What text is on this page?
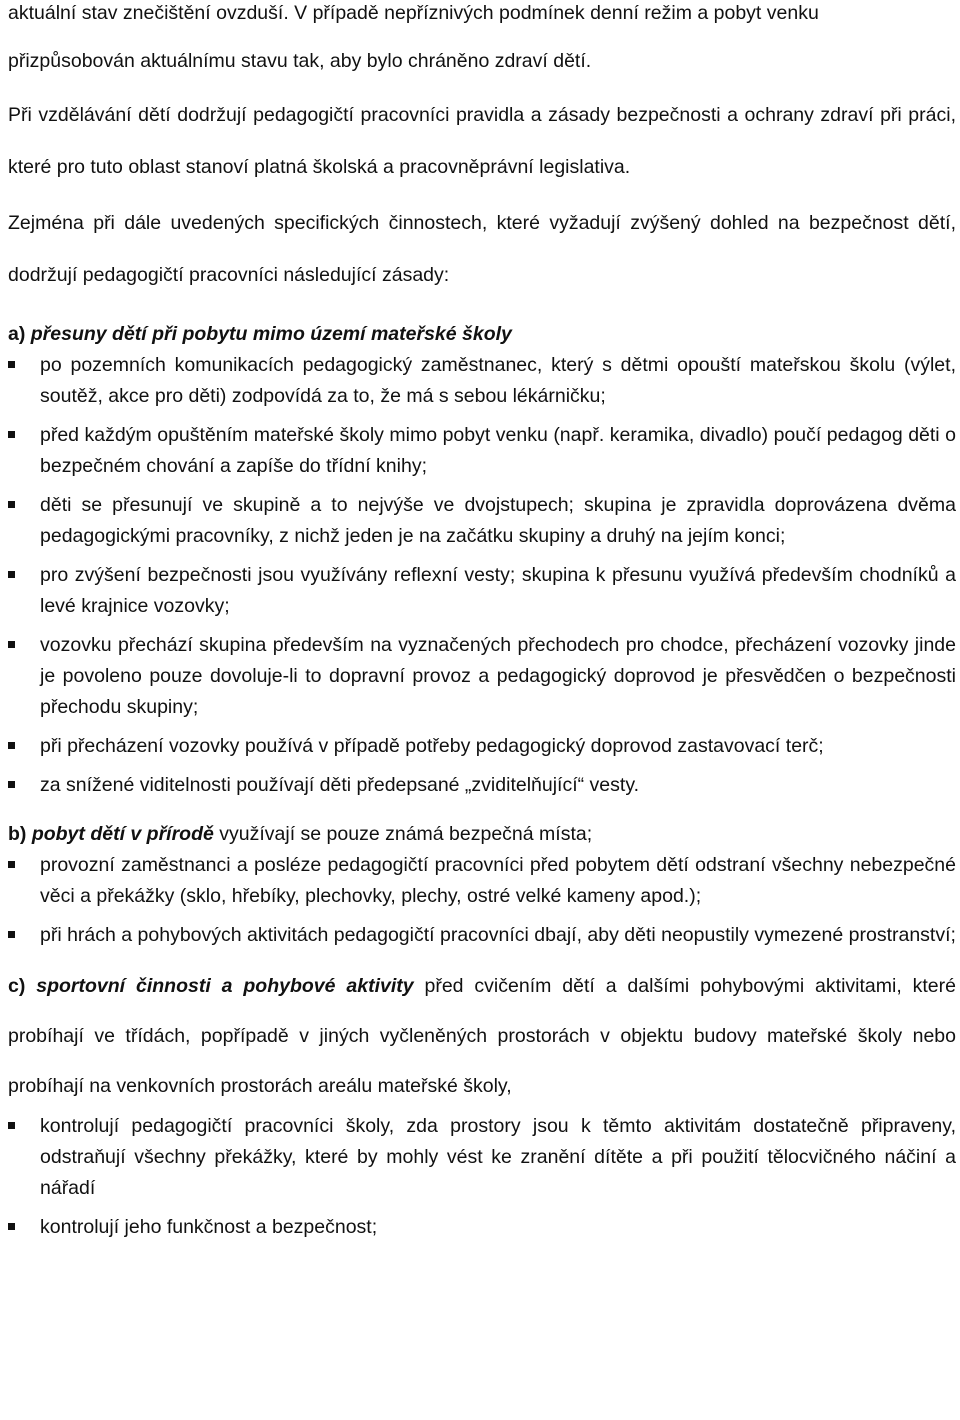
aktuální stav znečištění ovzduší. V případě nepříznivých podmínek denní režim a pobyt venku
přizpůsobován aktuálnímu stavu tak, aby bylo chráněno zdraví dětí.

Při vzdělávání dětí dodržují pedagogičtí pracovníci pravidla a zásady bezpečnosti a ochrany zdraví při práci, které pro tuto oblast stanoví platná školská a pracovněprávní legislativa.

Zejména při dále uvedených specifických činnostech, které vyžadují zvýšený dohled na bezpečnost dětí, dodržují pedagogičtí pracovníci následující zásady:

a) přesuny dětí při pobytu mimo území mateřské školy

po pozemních komunikacích pedagogický zaměstnanec, který s dětmi opouští mateřskou školu (výlet, soutěž, akce pro děti) zodpovídá za to, že má s sebou lékárničku;
před každým opuštěním mateřské školy mimo pobyt venku (např. keramika, divadlo) poučí pedagog děti o bezpečném chování a zapíše do třídní knihy;
děti se přesunují ve skupině a to nejvýše ve dvojstupech; skupina je zpravidla doprovázena dvěma pedagogickými pracovníky, z nichž jeden je na začátku skupiny a druhý na jejím konci;
pro zvýšení bezpečnosti jsou využívány reflexní vesty; skupina k přesunu využívá především chodníků a levé krajnice vozovky;
vozovku přechází skupina především na vyznačených přechodech pro chodce, přecházení vozovky jinde je povoleno pouze dovolujе-li to dopravní provoz a pedagogický doprovod je přesvědčen o bezpečnosti přechodu skupiny;
při přecházení vozovky používá v případě potřeby pedagogický doprovod zastavovací terč;
za snížené viditelnosti používají děti předepsané „zviditelňující“ vesty.

b) pobyt dětí v přírodě využívají se pouze známá bezpečná místa;

provozní zaměstnanci a posléze pedagogičtí pracovníci před pobytem dětí odstraní všechny nebezpečné věci a překážky (sklo, hřebíky, plechovky, plechy, ostré velké kameny apod.);
při hrách a pohybových aktivitách pedagogičtí pracovníci dbají, aby děti neopustily vymezené prostranství;

c) sportovní činnosti a pohybové aktivity před cvičením dětí a dalšími pohybovými aktivitami, které probíhají ve třídách, popřípadě v jiných vyčleněných prostorách v objektu budovy mateřské školy nebo probíhají na venkovních prostorách areálu mateřské školy,

kontrolují pedagogičtí pracovníci školy, zda prostory jsou k těmto aktivitám dostatečně připraveny, odstraňují všechny překážky, které by mohly vést ke zranění dítěte a při použití tělocvičného náčiní a nářadí
kontrolují jeho funkčnost a bezpečnost;
